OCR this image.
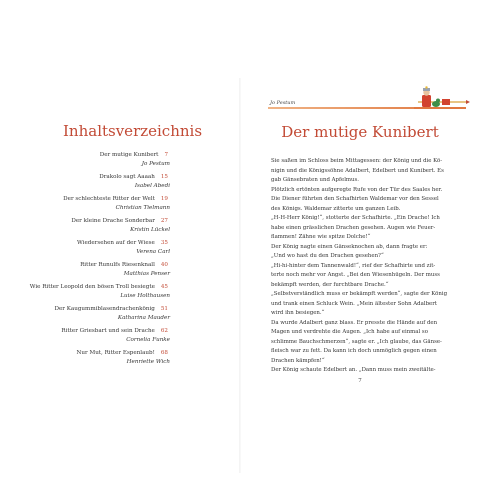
Inhaltsverzeichnis
Der mutige Kunibert 7
Jo Pestum
Drakolo sagt Aaaah 15
Isabel Abedi
Der schlechteste Ritter der Welt 19
Christian Tielmann
Der kleine Drache Sonderbar 27
Kristin Lückel
Wiedersehen auf der Wiese 35
Verena Carl
Ritter Runulfs Riesenknall 40
Matthias Penser
Wie Ritter Leopold den bösen Troll besiegte 45
Luise Holthausen
Der Kaugummiblasendrachenkönig 51
Katharina Mauder
Ritter Griesbart und sein Drache 62
Cornelia Funke
Nur Mut, Ritter Espenlaub! 68
Henriette Wich
Jo Pestum
Der mutige Kunibert
Sie saßen im Schloss beim Mittagessen: der König und die Kö-
nigin und die Königssöhne Adalbert, Edelbert und Kunibert. Es
gab Gänsebraten und Apfelmus.
Plötzlich ertönten aufgeregte Rufe von der Tür des Saales her.
Die Diener führten den Schafhirten Waldemar vor den Sessel
des Königs. Waldemar zitterte um ganzen Leib.
„H-H-Herr König!“, stotterte der Schafhirte. „Ein Drache! Ich
habe einen grässlichen Drachen gesehen. Augen wie Feuer-
flammen! Zähne wie spitze Dolche!“
Der König nagte einen Gänseknochen ab, dann fragte er:
„Und wo hast du den Drachen gesehen?“
„Hi-hi-hinter dem Tannenwald!“, rief der Schafhirte und zit-
terte noch mehr vor Angst. „Bei den Wiesenhügeln. Der muss
bekämpft werden, der furchtbare Drache.“
„Selbstverständlich muss er bekämpft werden“, sagte der König
und trank einen Schluck Wein. „Mein ältester Sohn Adalbert
wird ihn besiegen.“
Da wurde Adalbert ganz blass. Er presste die Hände auf den
Magen und verdrehte die Augen. „Ich habe auf einmal so
schlimme Bauchschmerzen“, sagte er. „Ich glaube, das Gänse-
fleisch war zu fett. Da kann ich doch unmöglich gegen einen
Drachen kämpfen!“
Der König schaute Edelbert an. „Dann muss mein zweitälte-
7
